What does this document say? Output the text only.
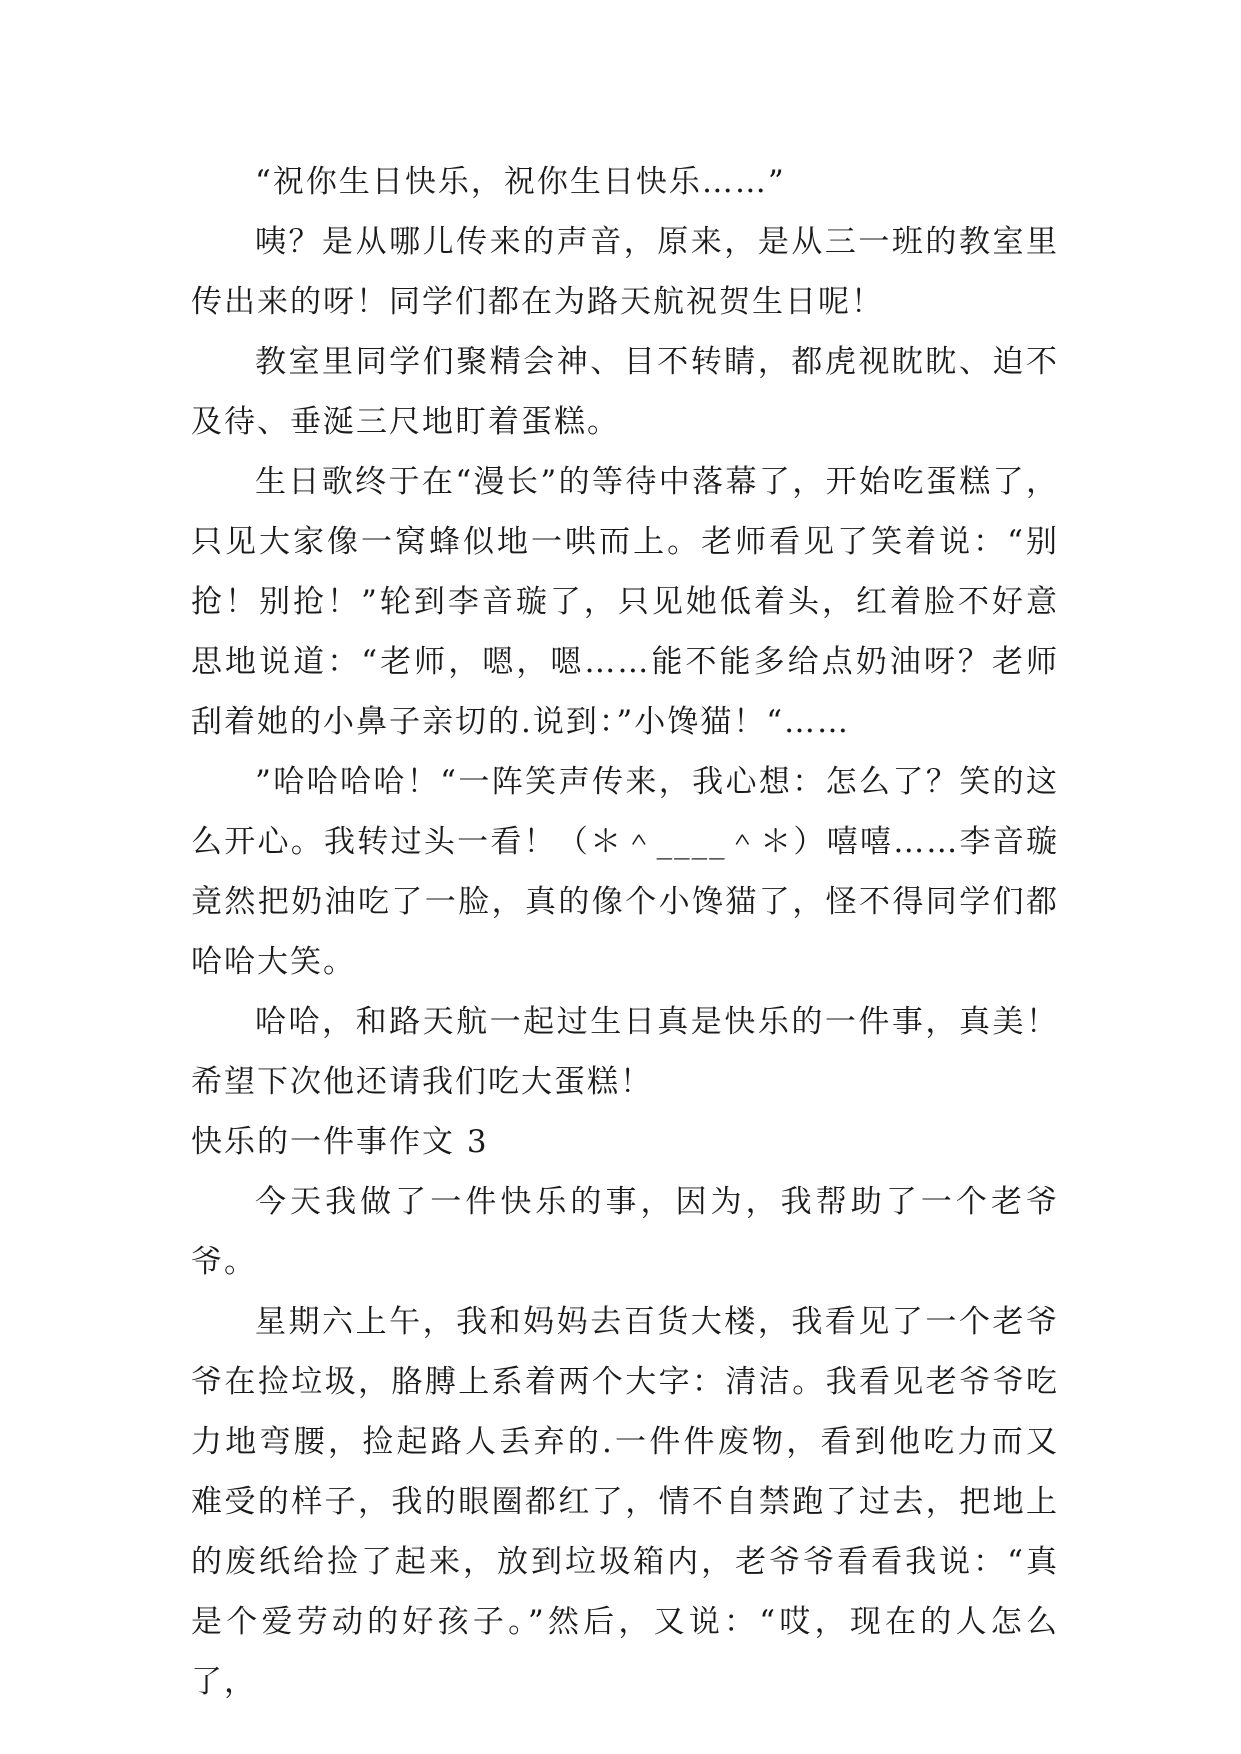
“祝你生日快乐，祝你生日快乐……”

咦？是从哪儿传来的声音，原来，是从三一班的教室里传出来的呀！同学们都在为路天航祝贺生日呢！

教室里同学们聚精会神、目不转睛，都虎视眈眈、迫不及待、垂涎三尺地盯着蛋糕。

生日歌终于在“漫长”的等待中落幕了，开始吃蛋糕了，只见大家像一窝蜂似地一哄而上。老师看见了笑着说：“别抢！别抢！”轮到李音璇了，只见她低着头，红着脸不好意思地说道：“老师，嗯，嗯……能不能多给点奶油呀？老师刮着她的小鼻子亲切的.说到：”小馋猫！“……

”哈哈哈哈！“一阵笑声传来，我心想：怎么了？笑的这么开心。我转过头一看！（＊＾____＾＊）嘻嘻……李音璇竟然把奶油吃了一脸，真的像个小馋猫了，怪不得同学们都哈哈大笑。

哈哈，和路天航一起过生日真是快乐的一件事，真美！希望下次他还请我们吃大蛋糕！

快乐的一件事作文 3

今天我做了一件快乐的事，因为，我帮助了一个老爷爷。

星期六上午，我和妈妈去百货大楼，我看见了一个老爷爷在捡垃圾，胳膊上系着两个大字：清洁。我看见老爷爷吃力地弯腰，捡起路人丢弃的.一件件废物，看到他吃力而又难受的样子，我的眼圈都红了，情不自禁跑了过去，把地上的废纸给捡了起来，放到垃圾箱内，老爷爷看看我说：“真是个爱劳动的好孩子。”然后，又说：“哎，现在的人怎么了，
